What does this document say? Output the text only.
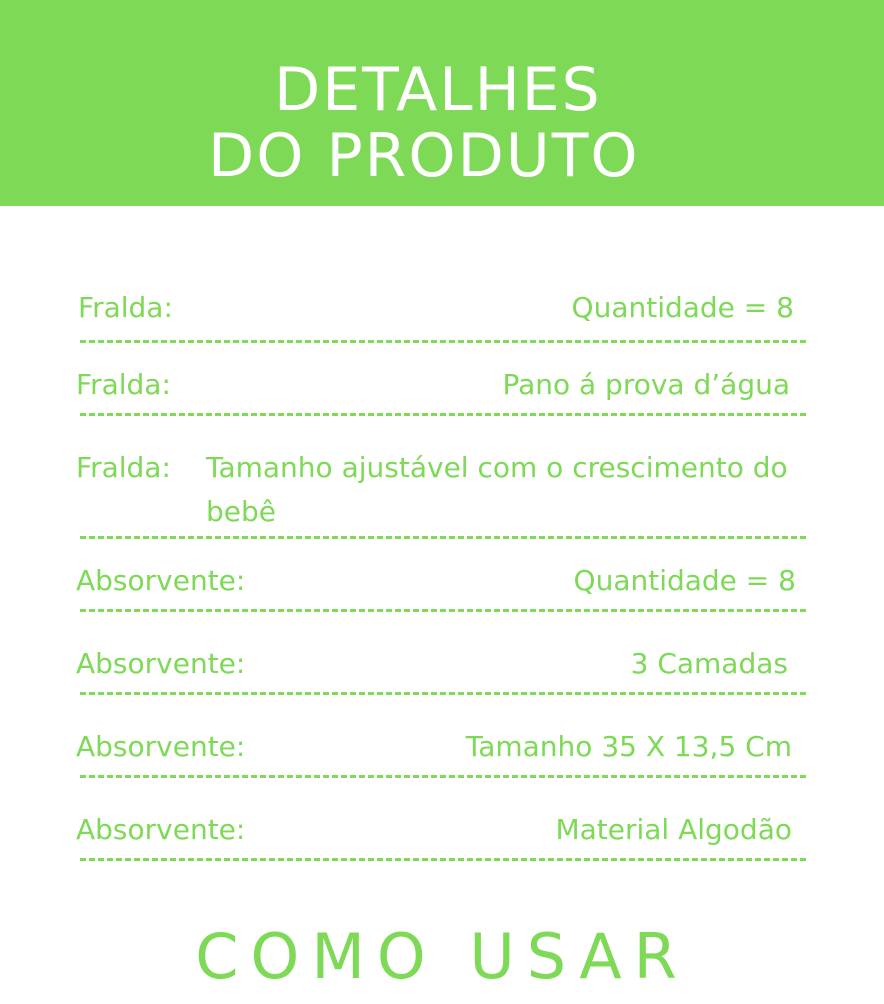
DETALHES
DO PRODUTO
Fralda:	Quantidade = 8
Fralda:	Pano á prova d’água
Fralda: Tamanho ajustável com o crescimento do bebê
Absorvente:	Quantidade = 8
Absorvente:	3 Camadas
Absorvente:	Tamanho 35 X 13,5 Cm
Absorvente:	Material Algodão
COMO USAR
